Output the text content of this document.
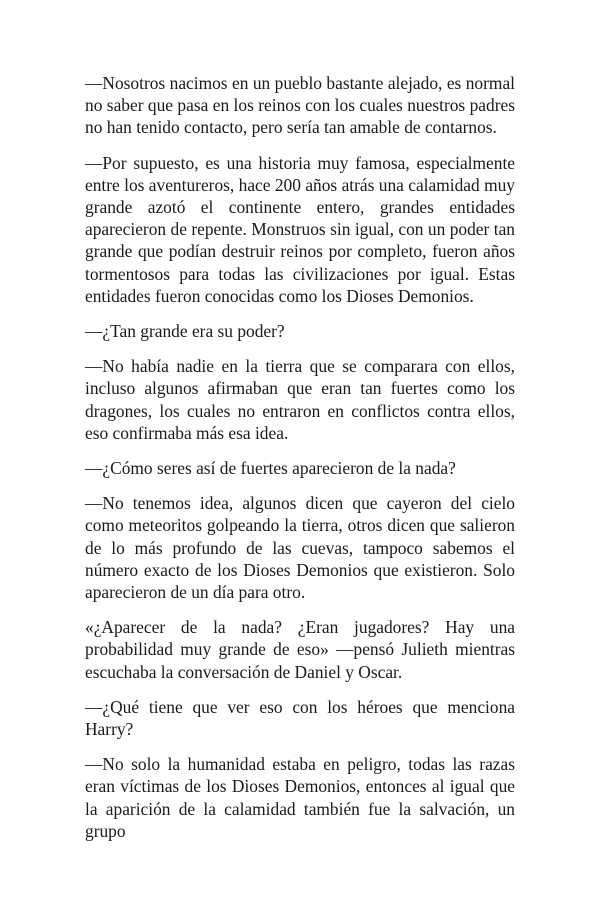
—Nosotros nacimos en un pueblo bastante alejado, es normal no saber que pasa en los reinos con los cuales nuestros padres no han tenido contacto, pero sería tan amable de contarnos.

—Por supuesto, es una historia muy famosa, especialmente entre los aventureros, hace 200 años atrás una calamidad muy grande azotó el continente entero, grandes entidades aparecieron de repente. Monstruos sin igual, con un poder tan grande que podían destruir reinos por completo, fueron años tormentosos para todas las civilizaciones por igual. Estas entidades fueron conocidas como los Dioses Demonios.

—¿Tan grande era su poder?

—No había nadie en la tierra que se comparara con ellos, incluso algunos afirmaban que eran tan fuertes como los dragones, los cuales no entraron en conflictos contra ellos, eso confirmaba más esa idea.

—¿Cómo seres así de fuertes aparecieron de la nada?

—No tenemos idea, algunos dicen que cayeron del cielo como meteoritos golpeando la tierra, otros dicen que salieron de lo más profundo de las cuevas, tampoco sabemos el número exacto de los Dioses Demonios que existieron. Solo aparecieron de un día para otro.

«¿Aparecer de la nada? ¿Eran jugadores? Hay una probabilidad muy grande de eso» —pensó Julieth mientras escuchaba la conversación de Daniel y Oscar.

—¿Qué tiene que ver eso con los héroes que menciona Harry?

—No solo la humanidad estaba en peligro, todas las razas eran víctimas de los Dioses Demonios, entonces al igual que la aparición de la calamidad también fue la salvación, un grupo
